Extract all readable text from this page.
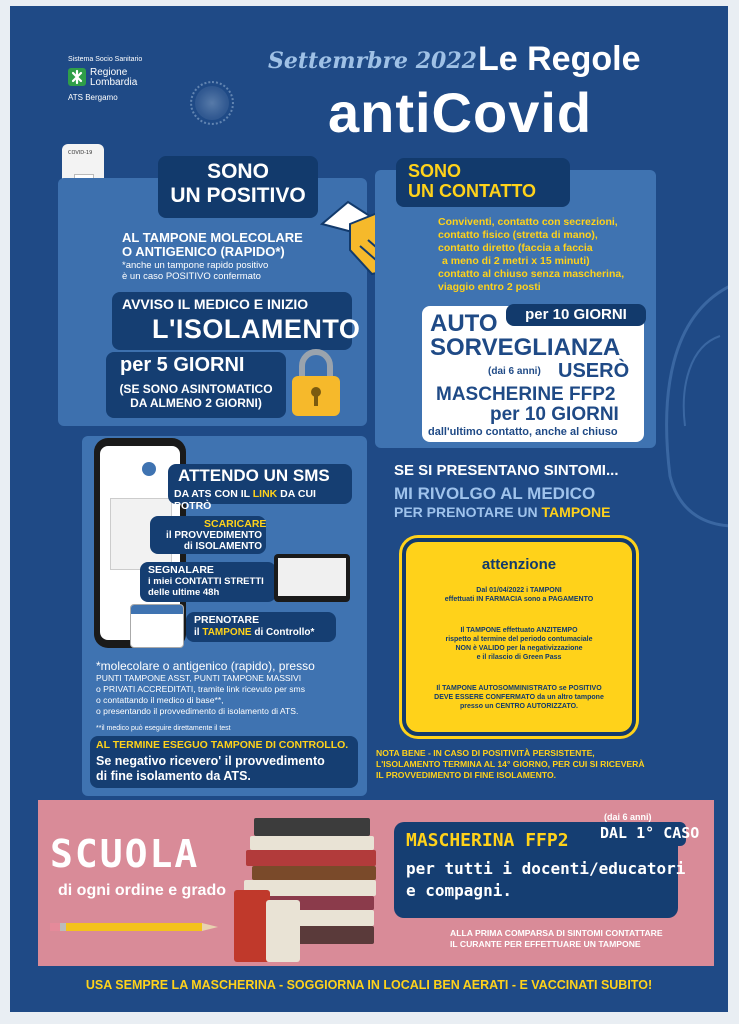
Sistema Socio Sanitario
Regione
Lombardia
ATS Bergamo
Settemrbre 2022 Le Regole
antiCovid
COVID-19
SONO
UN POSITIVO
AL TAMPONE MOLECOLARE
O ANTIGENICO (RAPIDO*)
*anche un tampone rapido positivo
è un caso POSITIVO confermato
AVVISO IL MEDICO E INIZIO
L'ISOLAMENTO
per 5 GIORNI
(SE SONO ASINTOMATICO
DA ALMENO 2 GIORNI)
SONO
UN CONTATTO
Conviventi, contatto con secrezioni,
contatto fisico (stretta di mano),
contatto diretto (faccia a faccia
a meno di 2 metri x 15 minuti)
contatto al chiuso senza mascherina,
viaggio entro 2 posti
AUTO	per 10 GIORNI
SORVEGLIANZA
(dai 6 anni) USERÒ
MASCHERINE FFP2
per 10 GIORNI
dall'ultimo contatto, anche al chiuso
SE SI PRESENTANO SINTOMI...
MI RIVOLGO AL MEDICO
PER PRENOTARE UN TAMPONE
attenzione
Dal 01/04/2022 i TAMPONI
effettuati IN FARMACIA sono a PAGAMENTO
Il TAMPONE effettuato ANZITEMPO
rispetto al termine del periodo contumaciale
NON è VALIDO per la negativizzazione
e il rilascio di Green Pass
Il TAMPONE AUTOSOMMINISTRATO se POSITIVO
DEVE ESSERE CONFERMATO da un altro tampone
presso un CENTRO AUTORIZZATO.
ATTENDO UN SMS
DA ATS CON IL LINK DA CUI POTRÒ
SCARICARE
il PROVVEDIMENTO
di ISOLAMENTO
SEGNALARE
i miei CONTATTI STRETTI
delle ultime 48h
PRENOTARE
il TAMPONE di Controllo*
*molecolare o antigenico (rapido), presso
PUNTI TAMPONE ASST, PUNTI TAMPONE MASSIVI
o PRIVATI ACCREDITATI, tramite link ricevuto per sms
o contattando il medico di base**,
o presentando il provvedimento di isolamento di ATS.
**il medico può eseguire direttamente il test
AL TERMINE ESEGUO TAMPONE DI CONTROLLO.
Se negativo ricevero' il provvedimento
di fine isolamento da ATS.
NOTA BENE - IN CASO DI POSITIVITÀ PERSISTENTE,
L'ISOLAMENTO TERMINA AL 14° GIORNO, PER CUI SI RICEVERÀ
IL PROVVEDIMENTO DI FINE ISOLAMENTO.
SCUOLA
di ogni ordine e grado
MASCHERINA FFP2
(dai 6 anni)
DAL 1° CASO
per tutti i docenti/educatori
e compagni.
ALLA PRIMA COMPARSA DI SINTOMI CONTATTARE
IL CURANTE PER EFFETTUARE UN TAMPONE
USA SEMPRE LA MASCHERINA - SOGGIORNA IN LOCALI BEN AERATI - E VACCINATI SUBITO!
